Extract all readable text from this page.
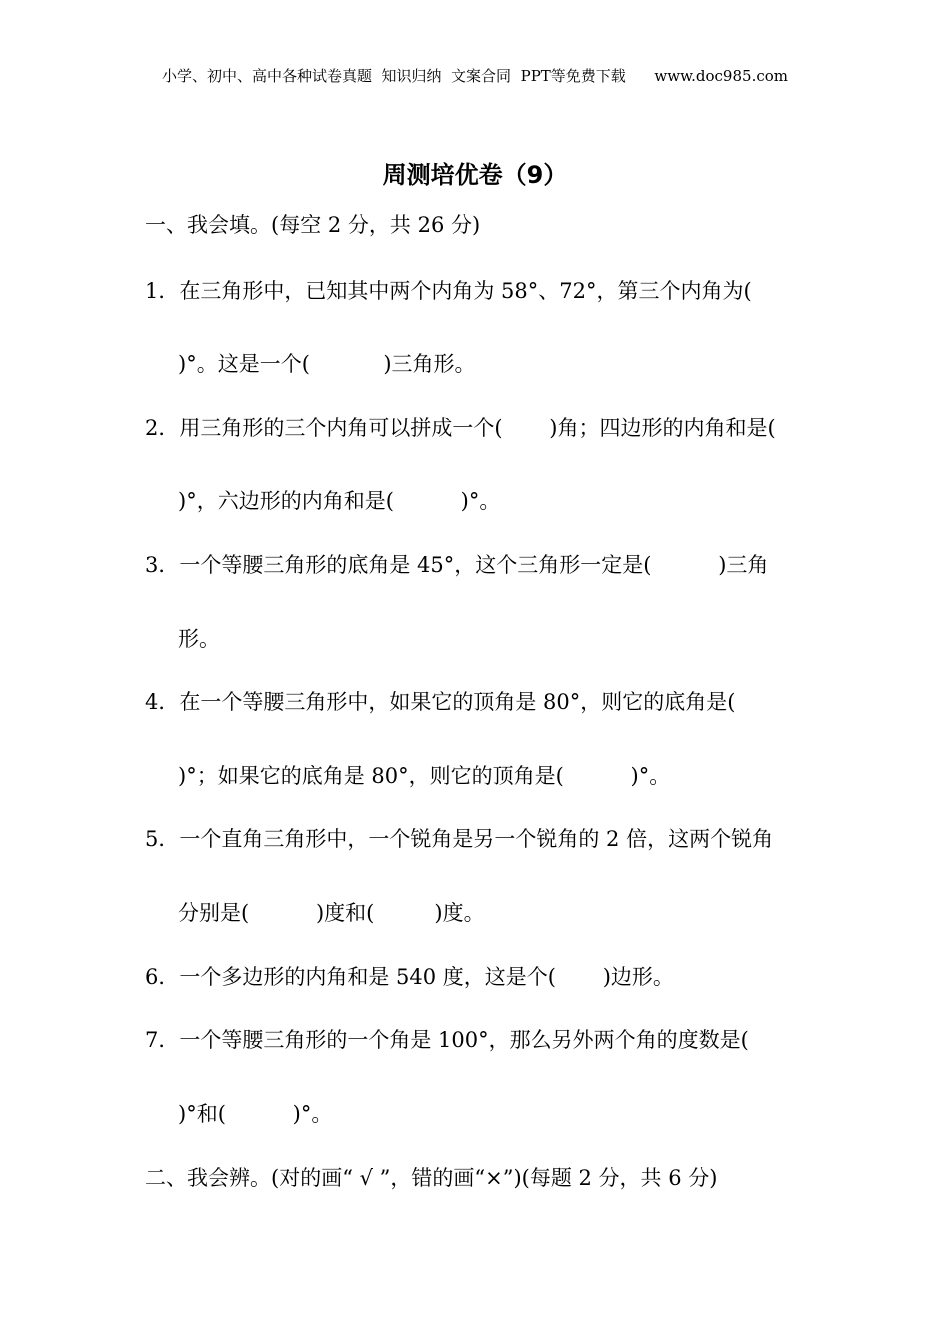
小学、初中、高中各种试卷真题  知识归纳  文案合同  PPT等免费下载      www.doc985.com
周测培优卷（9）
一、我会填。(每空 2 分，共 26 分)
1．在三角形中，已知其中两个内角为 58°、72°，第三个内角为(
)°。这是一个(           )三角形。
2．用三角形的三个内角可以拼成一个(       )角；四边形的内角和是(
)°，六边形的内角和是(          )°。
3．一个等腰三角形的底角是 45°，这个三角形一定是(          )三角
形。
4．在一个等腰三角形中，如果它的顶角是 80°，则它的底角是(
)°；如果它的底角是 80°，则它的顶角是(          )°。
5．一个直角三角形中，一个锐角是另一个锐角的 2 倍，这两个锐角
分别是(          )度和(         )度。
6．一个多边形的内角和是 540 度，这是个(       )边形。
7．一个等腰三角形的一个角是 100°，那么另外两个角的度数是(
)°和(          )°。
二、我会辨。(对的画“ √ ”，错的画“×”)(每题 2 分，共 6 分)
